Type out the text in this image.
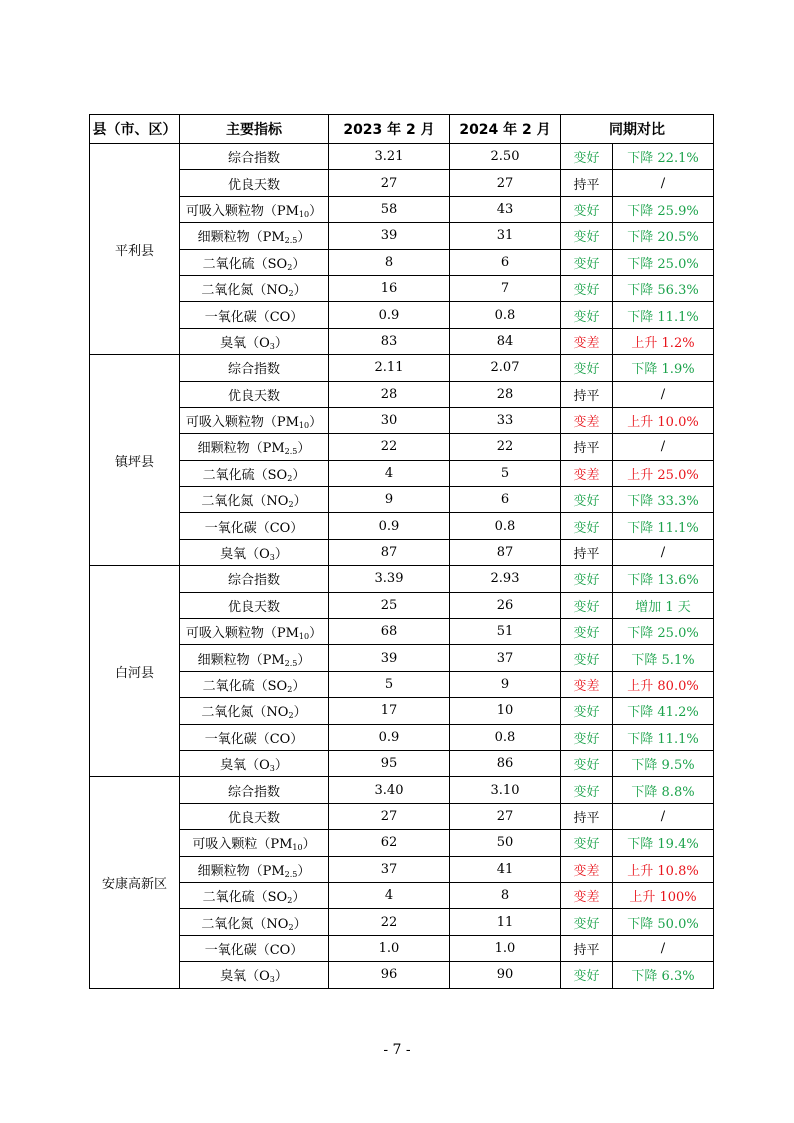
县（市、区）	主要指标	2023 年 2 月	2024 年 2 月	同期对比	
平利县	综合指数	3.21	2.50	变好	下降 22.1%
	优良天数	27	27	持平	/
	可吸入颗粒物$(PM_{10})$	58	43	变好	下降 25.9%
	细颗粒物$(PM_{2.5})$	39	31	变好	下降 20.5%
	二氧化硫$(SO_2)$	8	6	变好	下降 25.0%
	二氧化氮$(NO_2)$	16	7	变好	下降 56.3%
	一氧化碳（CO）	0.9	0.8	变好	下降 11.1%
	臭氧$(O_3)$	83	84	变差	上升 1.2%
镇坪县	综合指数	2.11	2.07	变好	下降 1.9%
	优良天数	28	28	持平	/
	可吸入颗粒物$(PM_{10})$	30	33	变差	上升 10.0%
	细颗粒物$(PM_{2.5})$	22	22	持平	/
	二氧化硫$(SO_2)$	4	5	变差	上升 25.0%
	二氧化氮$(NO_2)$	9	6	变好	下降 33.3%
	一氧化碳（CO）	0.9	0.8	变好	下降 11.1%
	臭氧$(O_3)$	87	87	持平	/
白河县	综合指数	3.39	2.93	变好	下降 13.6%
	优良天数	25	26	变好	增加 1 天
	可吸入颗粒物$(PM_{10})$	68	51	变好	下降 25.0%
	细颗粒物$(PM_{2.5})$	39	37	变好	下降 5.1%
	二氧化硫$(SO_2)$	5	9	变差	上升 80.0%
	二氧化氮$(NO_2)$	17	10	变好	下降 41.2%
	一氧化碳（CO）	0.9	0.8	变好	下降 11.1%
	臭氧$(O_3)$	95	86	变好	下降 9.5%
安康高新区	综合指数	3.40	3.10	变好	下降 8.8%
	优良天数	27	27	持平	/
	可吸入颗粒$(PM_{10})$	62	50	变好	下降 19.4%
	细颗粒物$(PM_{2.5})$	37	41	变差	上升 10.8%
	二氧化硫$(SO_2)$	4	8	变差	上升 100%
	二氧化氮$(NO_2)$	22	11	变好	下降 50.0%
	一氧化碳（CO）	1.0	1.0	持平	/
	臭氧$(O_3)$	96	90	变好	下降 6.3%
- 7 -
